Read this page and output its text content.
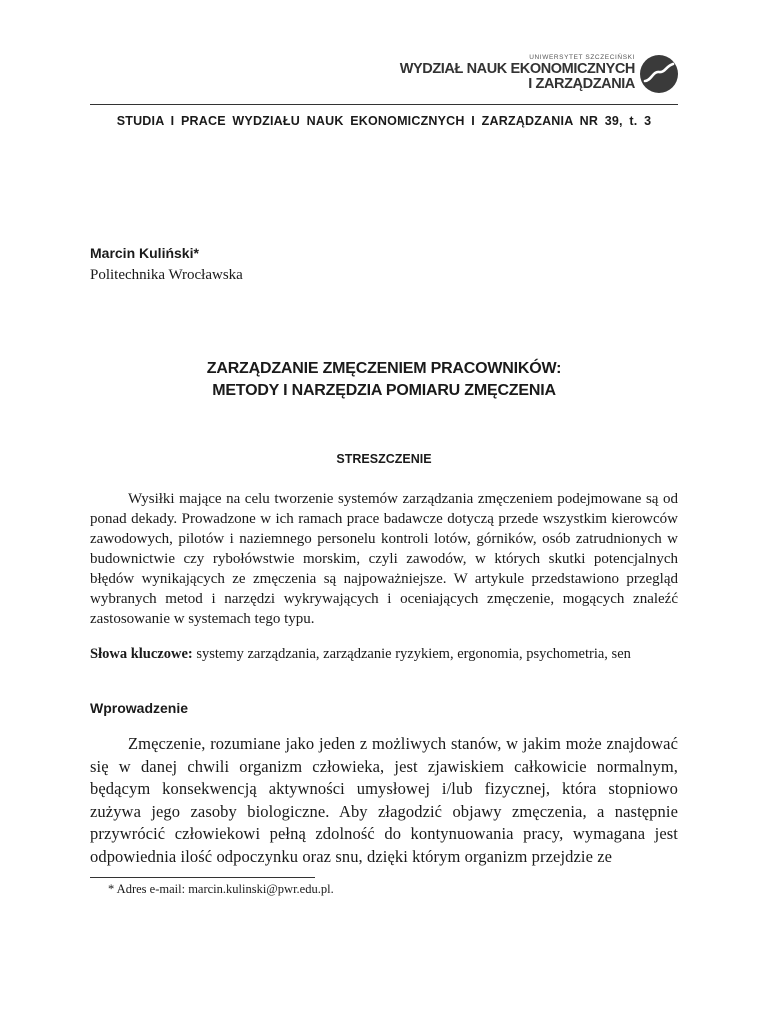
UNIWERSYTET SZCZECIŃSKI
WYDZIAŁ NAUK EKONOMICZNYCH
I ZARZĄDZANIA
STUDIA I PRACE WYDZIAŁU NAUK EKONOMICZNYCH I ZARZĄDZANIA NR 39, t. 3
Marcin Kuliński*
Politechnika Wrocławska
ZARZĄDZANIE ZMĘCZENIEM PRACOWNIKÓW:
METODY I NARZĘDZIA POMIARU ZMĘCZENIA
STRESZCZENIE

Wysiłki mające na celu tworzenie systemów zarządzania zmęczeniem podejmowane są od ponad dekady. Prowadzone w ich ramach prace badawcze dotyczą przede wszystkim kierowców zawodowych, pilotów i naziemnego personelu kontroli lotów, górników, osób zatrudnionych w budownictwie czy rybołówstwie morskim, czyli zawodów, w których skutki potencjalnych błędów wynikających ze zmęczenia są najpoważniejsze. W artykule przedstawiono przegląd wybranych metod i narzędzi wykrywających i oceniających zmęczenie, mogących znaleźć zastosowanie w systemach tego typu.

Słowa kluczowe: systemy zarządzania, zarządzanie ryzykiem, ergonomia, psychometria, sen
Wprowadzenie

Zmęczenie, rozumiane jako jeden z możliwych stanów, w jakim może znajdować się w danej chwili organizm człowieka, jest zjawiskiem całkowicie normalnym, będącym konsekwencją aktywności umysłowej i/lub fizycznej, która stopniowo zużywa jego zasoby biologiczne. Aby złagodzić objawy zmęczenia, a następnie przywrócić człowiekowi pełną zdolność do kontynuowania pracy, wymagana jest odpowiednia ilość odpoczynku oraz snu, dzięki którym organizm przejdzie ze

* Adres e-mail: marcin.kulinski@pwr.edu.pl.
